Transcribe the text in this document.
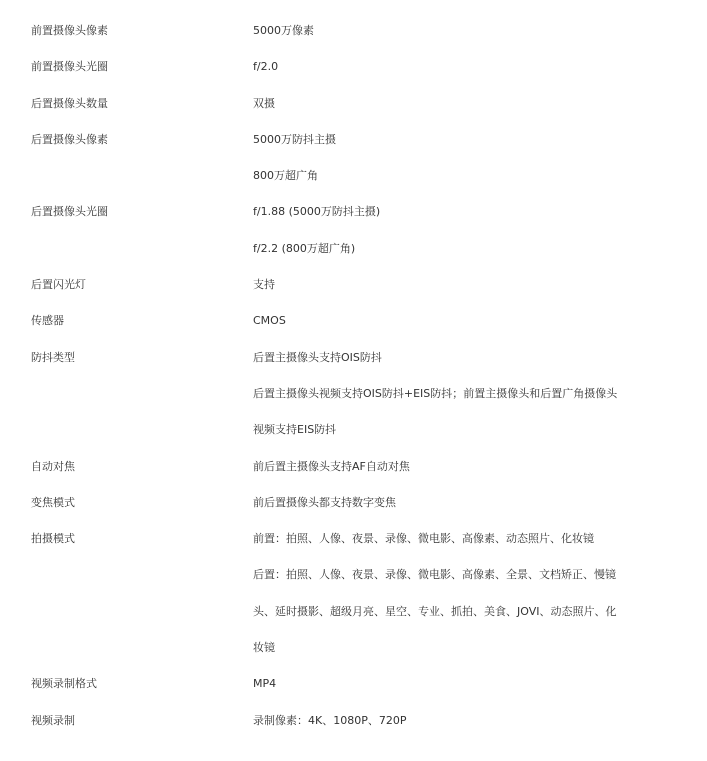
前置摄像头像素	5000万像素
前置摄像头光圈	f/2.0
后置摄像头数量	双摄
后置摄像头像素	5000万防抖主摄
800万超广角
后置摄像头光圈	f/1.88 (5000万防抖主摄)
f/2.2 (800万超广角)
后置闪光灯	支持
传感器	CMOS
防抖类型	后置主摄像头支持OIS防抖
后置主摄像头视频支持OIS防抖+EIS防抖；前置主摄像头和后置广角摄像头
视频支持EIS防抖
自动对焦	前后置主摄像头支持AF自动对焦
变焦模式	前后置摄像头都支持数字变焦
拍摄模式	前置：拍照、人像、夜景、录像、微电影、高像素、动态照片、化妆镜
后置：拍照、人像、夜景、录像、微电影、高像素、全景、文档矫正、慢镜
头、延时摄影、超级月亮、星空、专业、抓拍、美食、JOVI、动态照片、化
妆镜
视频录制格式	MP4
视频录制	录制像素：4K、1080P、720P
